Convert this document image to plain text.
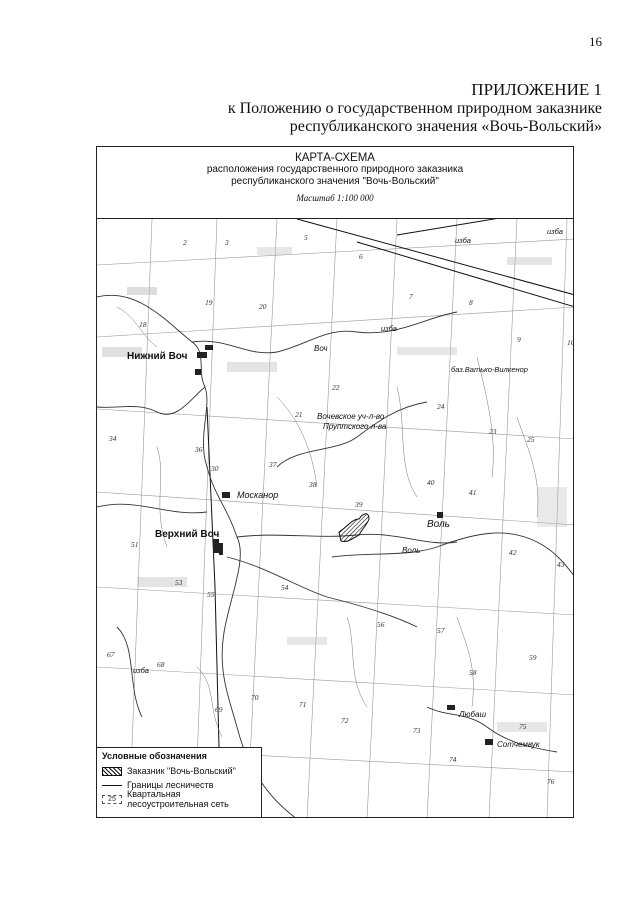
16
ПРИЛОЖЕНИЕ 1
к Положению о государственном природном заказнике
республиканского значения «Вочь-Вольский»
Нижний Воч
Верхний Воч
Москанор
Воль
Любаш
Сотчемвук
Вочевское уч-л-во
Пруптского л-ва
баз.Ватько-Вилкенор
изба
изба
изба
изба
Воч
Воль
2	3
5
6
7
8
9	10
18
19	20
21
22
23
24
25
30
34
36
37
38
39
40
41
42
43
51
53
54
55
56
57
58
59
67
68
69
70
71
72
73
74
75
76
КАРТА-СХЕМА
расположения государственного природного заказника
республиканского значения "Вочь-Вольский"
Масштаб 1:100 000
Условные обозначения
Заказник "Вочь-Вольский"
Границы лесничеств
25	Квартальная лесоустроительная сеть
